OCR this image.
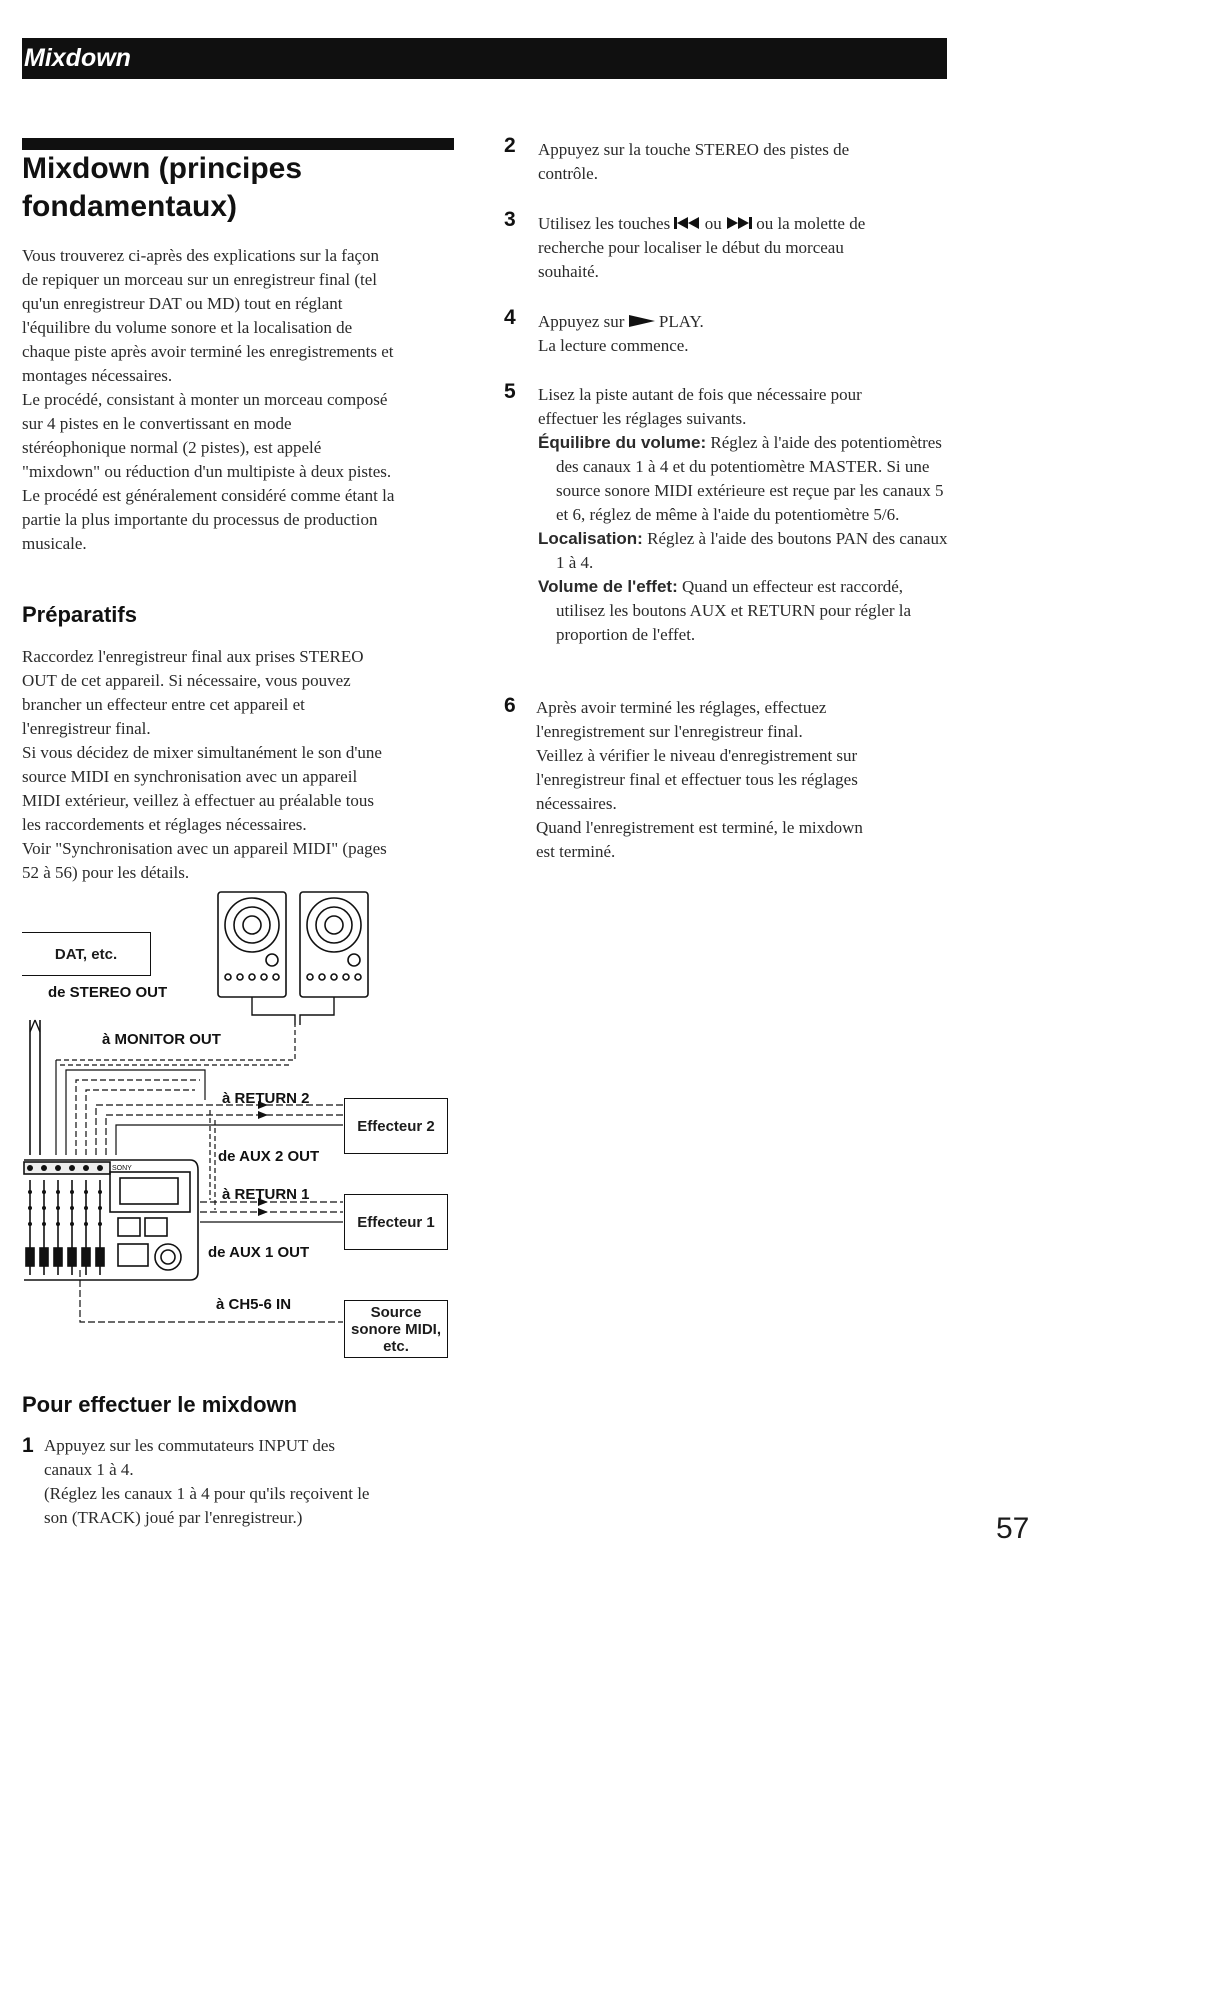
Mixdown
Mixdown (principes
fondamentaux)
Vous trouverez ci-après des explications sur la façon
de repiquer un morceau sur un enregistreur final (tel
qu'un enregistreur DAT ou MD) tout en réglant
l'équilibre du volume sonore et la localisation de
chaque piste après avoir terminé les enregistrements et
montages nécessaires.
Le procédé, consistant à monter un morceau composé
sur 4 pistes en le convertissant en mode
stéréophonique normal (2 pistes), est appelé
"mixdown" ou réduction d'un multipiste à deux pistes.
Le procédé est généralement considéré comme étant la
partie la plus importante du processus de production
musicale.
Préparatifs
Raccordez l'enregistreur final aux prises STEREO
OUT de cet appareil. Si nécessaire, vous pouvez
brancher un effecteur entre cet appareil et
l'enregistreur final.
Si vous décidez de mixer simultanément le son d'une
source MIDI en synchronisation avec un appareil
MIDI extérieur, veillez à effectuer au préalable tous
les raccordements et réglages nécessaires.
Voir "Synchronisation avec un appareil MIDI" (pages
52 à 56) pour les détails.
SONY
DAT, etc.
de STEREO OUT
à MONITOR OUT
à RETURN 2
de AUX 2 OUT
à RETURN 1
de AUX 1 OUT
à CH5-6 IN
Effecteur 2
Effecteur 1
Source sonore MIDI, etc.
Pour effectuer le mixdown
1 Appuyez sur les commutateurs INPUT des
canaux 1 à 4.
(Réglez les canaux 1 à 4 pour qu'ils reçoivent le
son (TRACK) joué par l'enregistreur.)
2 Appuyez sur la touche STEREO des pistes de
contrôle.
3 Utilisez les touches  ou  ou la molette de
recherche pour localiser le début du morceau
souhaité.
4 Appuyez sur  PLAY.
La lecture commence.
5 Lisez la piste autant de fois que nécessaire pour
effectuer les réglages suivants.
Équilibre du volume: Réglez à l'aide des potentiomètres des canaux 1 à 4 et du potentiomètre MASTER. Si une source sonore MIDI extérieure est reçue par les canaux 5 et 6, réglez de même à l'aide du potentiomètre 5/6.
Localisation: Réglez à l'aide des boutons PAN des canaux 1 à 4.
Volume de l'effet: Quand un effecteur est raccordé, utilisez les boutons AUX et RETURN pour régler la proportion de l'effet.
6 Après avoir terminé les réglages, effectuez
l'enregistrement sur l'enregistreur final.
Veillez à vérifier le niveau d'enregistrement sur
l'enregistreur final et effectuer tous les réglages
nécessaires.
Quand l'enregistrement est terminé, le mixdown
est terminé.
57
